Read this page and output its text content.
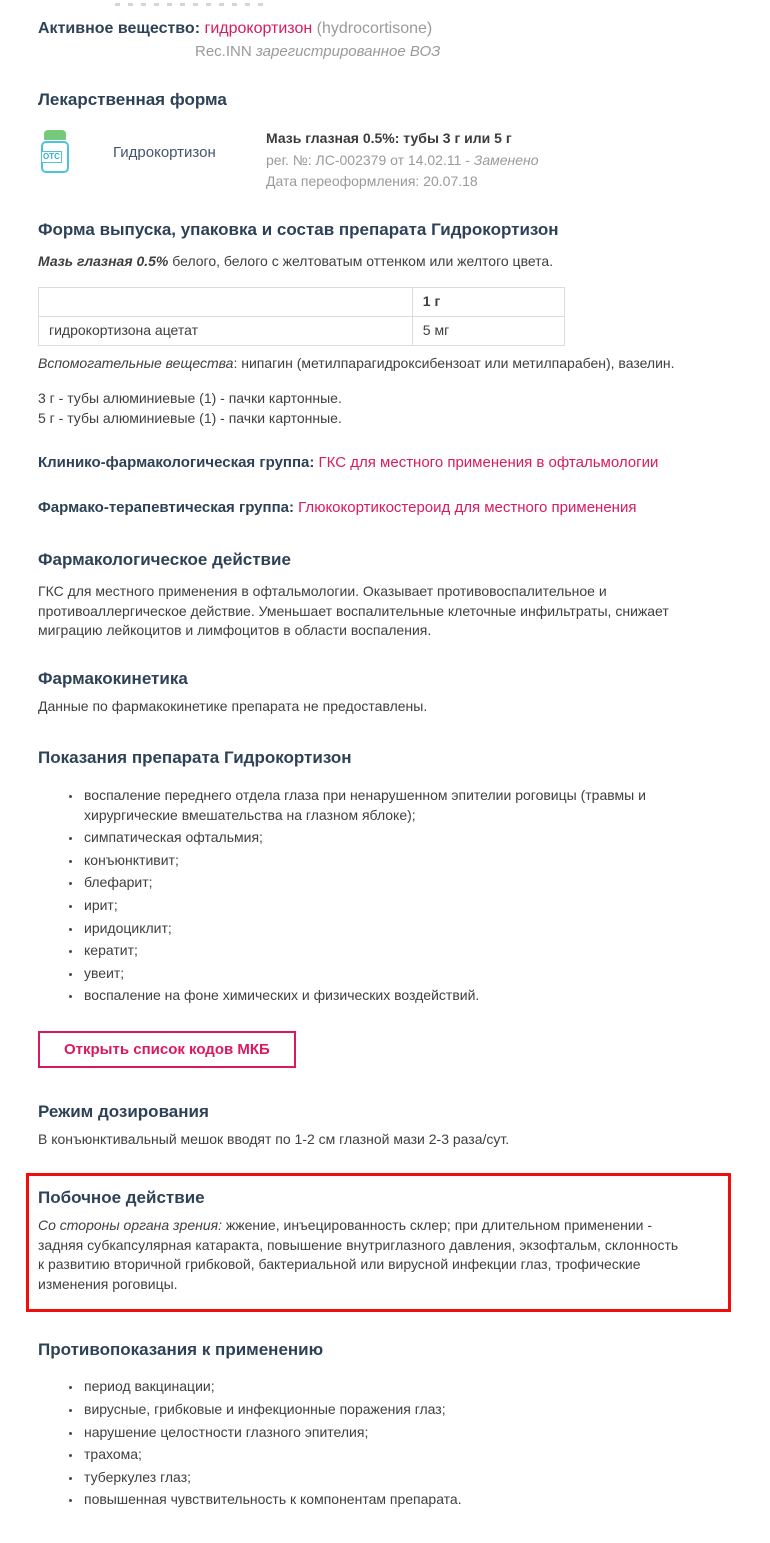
Активное вещество: гидрокортизон (hydrocortisone)
Rec.INN зарегистрированное ВОЗ
Лекарственная форма
OTC	Гидрокортизон
Мазь глазная 0.5%: тубы 3 г или 5 г
рег. №: ЛС-002379 от 14.02.11 - Заменено
Дата переоформления: 20.07.18
Форма выпуска, упаковка и состав препарата Гидрокортизон

Мазь глазная 0.5% белого, белого с желтоватым оттенком или желтого цвета.

	1 г
гидрокортизона ацетат	5 мг

Вспомогательные вещества: нипагин (метилпарагидроксибензоат или метилпарабен), вазелин.

3 г - тубы алюминиевые (1) - пачки картонные.

5 г - тубы алюминиевые (1) - пачки картонные.

Клинико-фармакологическая группа: ГКС для местного применения в офтальмологии
Фармако-терапевтическая группа: Глюкокортикостероид для местного применения
Фармакологическое действие

ГКС для местного применения в офтальмологии. Оказывает противовоспалительное и противоаллергическое действие. Уменьшает воспалительные клеточные инфильтраты, снижает миграцию лейкоцитов и лимфоцитов в области воспаления.

Фармакокинетика

Данные по фармакокинетике препарата не предоставлены.

Показания препарата Гидрокортизон
• воспаление переднего отдела глаза при ненарушенном эпителии роговицы (травмы и хирургические вмешательства на глазном яблоке);
• симпатическая офтальмия;
• конъюнктивит;
• блефарит;
• ирит;
• иридоциклит;
• кератит;
• увеит;
• воспаление на фоне химических и физических воздействий.
Открыть список кодов МКБ
Режим дозирования

В конъюнктивальный мешок вводят по 1-2 см глазной мази 2-3 раза/сут.

Побочное действие

Со стороны органа зрения: жжение, инъецированность склер; при длительном применении - задняя субкапсулярная катаракта, повышение внутриглазного давления, экзофтальм, склонность к развитию вторичной грибковой, бактериальной или вирусной инфекции глаз, трофические изменения роговицы.

Противопоказания к применению
• период вакцинации;
• вирусные, грибковые и инфекционные поражения глаз;
• нарушение целостности глазного эпителия;
• трахома;
• туберкулез глаз;
• повышенная чувствительность к компонентам препарата.
